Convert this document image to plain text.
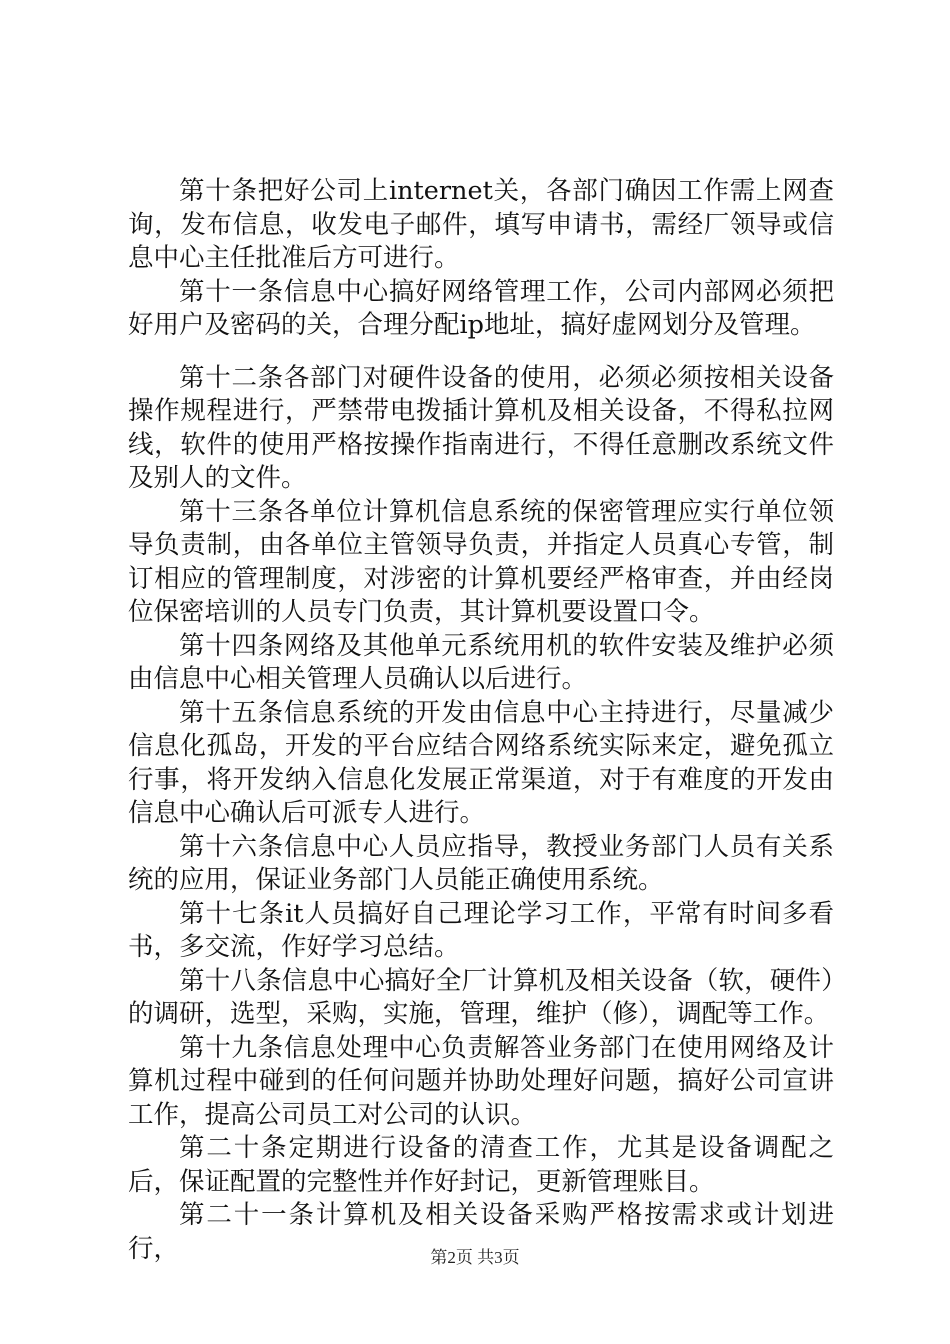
第十条把好公司上internet关，各部门确因工作需上网查询，发布信息，收发电子邮件，填写申请书，需经厂领导或信息中心主任批准后方可进行。

第十一条信息中心搞好网络管理工作，公司内部网必须把好用户及密码的关，合理分配ip地址，搞好虚网划分及管理。

第十二条各部门对硬件设备的使用，必须必须按相关设备操作规程进行，严禁带电拨插计算机及相关设备，不得私拉网线，软件的使用严格按操作指南进行，不得任意删改系统文件及别人的文件。

第十三条各单位计算机信息系统的保密管理应实行单位领导负责制，由各单位主管领导负责，并指定人员真心专管，制订相应的管理制度，对涉密的计算机要经严格审查，并由经岗位保密培训的人员专门负责，其计算机要设置口令。

第十四条网络及其他单元系统用机的软件安装及维护必须由信息中心相关管理人员确认以后进行。

第十五条信息系统的开发由信息中心主持进行，尽量减少信息化孤岛，开发的平台应结合网络系统实际来定，避免孤立行事，将开发纳入信息化发展正常渠道，对于有难度的开发由信息中心确认后可派专人进行。

第十六条信息中心人员应指导，教授业务部门人员有关系统的应用，保证业务部门人员能正确使用系统。

第十七条it人员搞好自己理论学习工作，平常有时间多看书，多交流，作好学习总结。

第十八条信息中心搞好全厂计算机及相关设备（软，硬件）的调研，选型，采购，实施，管理，维护（修），调配等工作。

第十九条信息处理中心负责解答业务部门在使用网络及计算机过程中碰到的任何问题并协助处理好问题，搞好公司宣讲工作，提高公司员工对公司的认识。

第二十条定期进行设备的清查工作，尤其是设备调配之后，保证配置的完整性并作好封记，更新管理账目。

第二十一条计算机及相关设备采购严格按需求或计划进行，	第2页 共3页
